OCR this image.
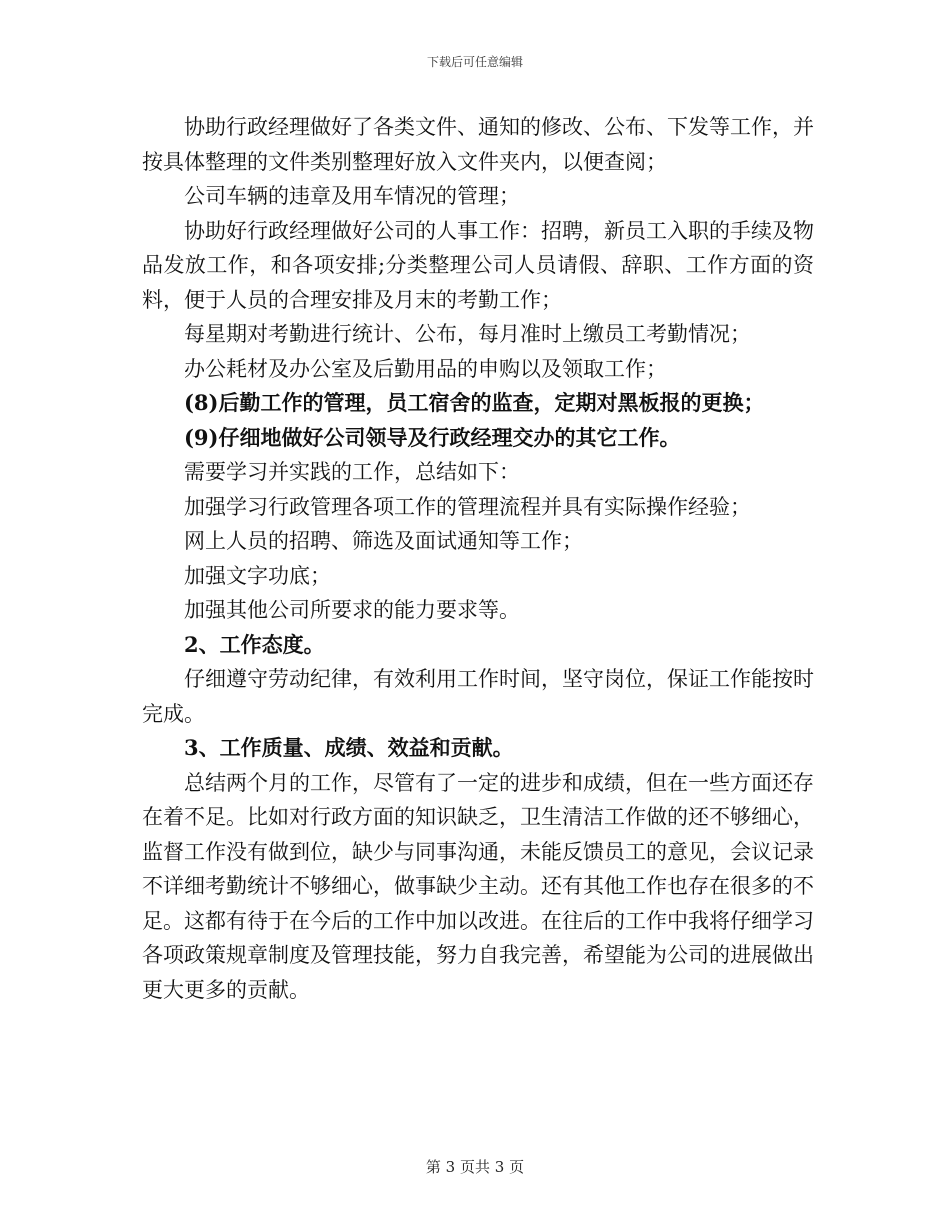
下载后可任意编辑

协助行政经理做好了各类文件、通知的修改、公布、下发等工作，并按具体整理的文件类别整理好放入文件夹内，以便查阅；

公司车辆的违章及用车情况的管理；

协助好行政经理做好公司的人事工作：招聘，新员工入职的手续及物品发放工作，和各项安排;分类整理公司人员请假、辞职、工作方面的资料，便于人员的合理安排及月末的考勤工作；

每星期对考勤进行统计、公布，每月准时上缴员工考勤情况；

办公耗材及办公室及后勤用品的申购以及领取工作；

(8)后勤工作的管理，员工宿舍的监查，定期对黑板报的更换；

(9)仔细地做好公司领导及行政经理交办的其它工作。

需要学习并实践的工作，总结如下：

加强学习行政管理各项工作的管理流程并具有实际操作经验；

网上人员的招聘、筛选及面试通知等工作；

加强文字功底；

加强其他公司所要求的能力要求等。

2、工作态度。

仔细遵守劳动纪律，有效利用工作时间，坚守岗位，保证工作能按时完成。

3、工作质量、成绩、效益和贡献。

总结两个月的工作，尽管有了一定的进步和成绩，但在一些方面还存在着不足。比如对行政方面的知识缺乏，卫生清洁工作做的还不够细心，监督工作没有做到位，缺少与同事沟通，未能反馈员工的意见，会议记录不详细考勤统计不够细心，做事缺少主动。还有其他工作也存在很多的不足。这都有待于在今后的工作中加以改进。在往后的工作中我将仔细学习各项政策规章制度及管理技能，努力自我完善，希望能为公司的进展做出更大更多的贡献。

第 3 页共 3 页
